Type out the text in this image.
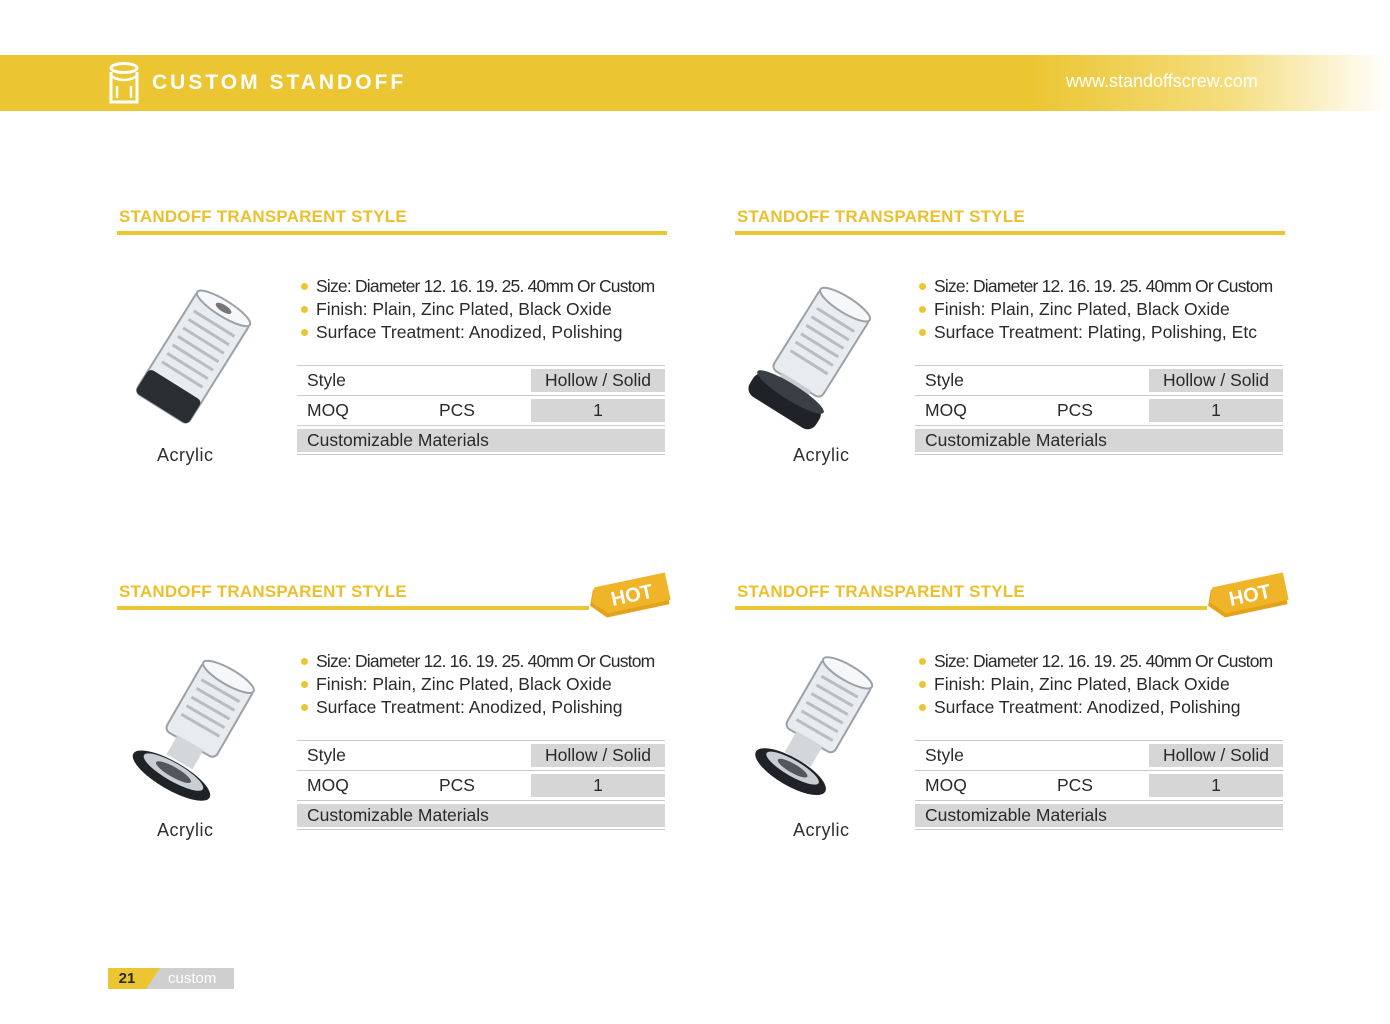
CUSTOM STANDOFF	www.standoffscrew.com
STANDOFF TRANSPARENT STYLE
Acrylic
Size: Diameter 12. 16. 19. 25. 40mm Or Custom
Finish: Plain, Zinc Plated, Black Oxide
Surface Treatment: Anodized, Polishing
Style	Hollow / Solid
MOQ	PCS	1
Customizable Materials
STANDOFF TRANSPARENT STYLE
Acrylic
Size: Diameter 12. 16. 19. 25. 40mm Or Custom
Finish: Plain, Zinc Plated, Black Oxide
Surface Treatment: Plating, Polishing, Etc
Style	Hollow / Solid
MOQ	PCS	1
Customizable Materials
STANDOFF TRANSPARENT STYLE	HOT
Acrylic
Size: Diameter 12. 16. 19. 25. 40mm Or Custom
Finish: Plain, Zinc Plated, Black Oxide
Surface Treatment: Anodized, Polishing
Style	Hollow / Solid
MOQ	PCS	1
Customizable Materials
STANDOFF TRANSPARENT STYLE	HOT
Acrylic
Size: Diameter 12. 16. 19. 25. 40mm Or Custom
Finish: Plain, Zinc Plated, Black Oxide
Surface Treatment: Anodized, Polishing
Style	Hollow / Solid
MOQ	PCS	1
Customizable Materials
21	custom
